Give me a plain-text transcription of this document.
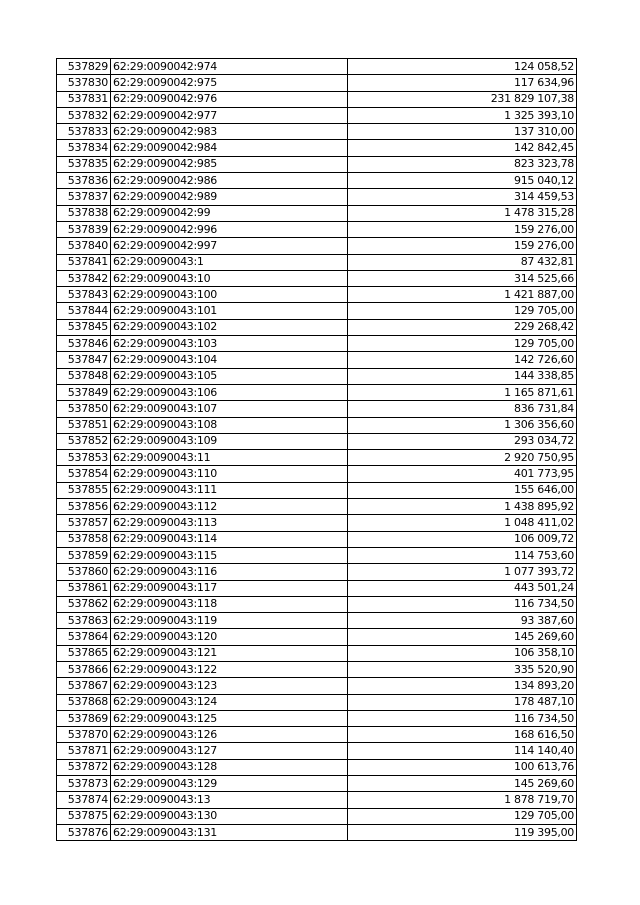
537829	62:29:0090042:974	124 058,52
537830	62:29:0090042:975	117 634,96
537831	62:29:0090042:976	231 829 107,38
537832	62:29:0090042:977	1 325 393,10
537833	62:29:0090042:983	137 310,00
537834	62:29:0090042:984	142 842,45
537835	62:29:0090042:985	823 323,78
537836	62:29:0090042:986	915 040,12
537837	62:29:0090042:989	314 459,53
537838	62:29:0090042:99	1 478 315,28
537839	62:29:0090042:996	159 276,00
537840	62:29:0090042:997	159 276,00
537841	62:29:0090043:1	87 432,81
537842	62:29:0090043:10	314 525,66
537843	62:29:0090043:100	1 421 887,00
537844	62:29:0090043:101	129 705,00
537845	62:29:0090043:102	229 268,42
537846	62:29:0090043:103	129 705,00
537847	62:29:0090043:104	142 726,60
537848	62:29:0090043:105	144 338,85
537849	62:29:0090043:106	1 165 871,61
537850	62:29:0090043:107	836 731,84
537851	62:29:0090043:108	1 306 356,60
537852	62:29:0090043:109	293 034,72
537853	62:29:0090043:11	2 920 750,95
537854	62:29:0090043:110	401 773,95
537855	62:29:0090043:111	155 646,00
537856	62:29:0090043:112	1 438 895,92
537857	62:29:0090043:113	1 048 411,02
537858	62:29:0090043:114	106 009,72
537859	62:29:0090043:115	114 753,60
537860	62:29:0090043:116	1 077 393,72
537861	62:29:0090043:117	443 501,24
537862	62:29:0090043:118	116 734,50
537863	62:29:0090043:119	93 387,60
537864	62:29:0090043:120	145 269,60
537865	62:29:0090043:121	106 358,10
537866	62:29:0090043:122	335 520,90
537867	62:29:0090043:123	134 893,20
537868	62:29:0090043:124	178 487,10
537869	62:29:0090043:125	116 734,50
537870	62:29:0090043:126	168 616,50
537871	62:29:0090043:127	114 140,40
537872	62:29:0090043:128	100 613,76
537873	62:29:0090043:129	145 269,60
537874	62:29:0090043:13	1 878 719,70
537875	62:29:0090043:130	129 705,00
537876	62:29:0090043:131	119 395,00
